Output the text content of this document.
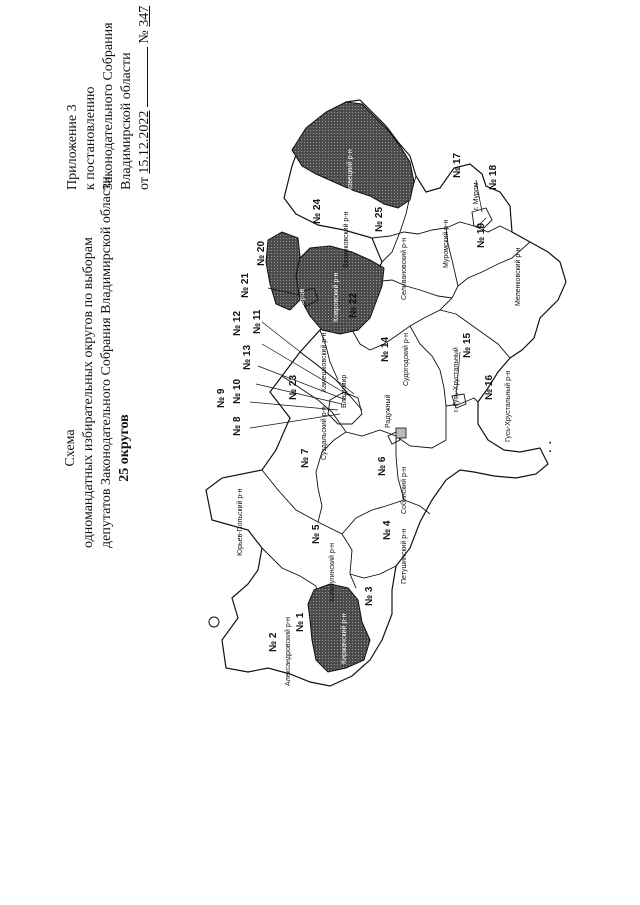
Схема одномандатных избирательных округов по выборам депутатов Законодательного Собрания Владимирской области 25 округов
Приложение 3 к постановлению Законодательного Собрания Владимирской области от 15.12.2022  № 347
⁚
№ 1
№ 2
№ 3
№ 4
№ 5
№ 6
№ 7
№ 8
№ 9 № 10
№ 11
№ 12
№ 13	№ 14	№ 15
№ 16
№ 17	№ 18
№ 19
№ 20
№ 21
№ 22
№ 23
№ 24	№ 25
Александровский р-н
Кольчугинский р-н
Юрьев-Польский р-н
Петушинский р-н
Собинский р-н
Суздальский р-н
Камешковский р-н
Ковровский р-н
Вязниковский р-н
Гороховецкий р-н
Селивановский р-н	Муромский р-н
Меленковский р-н
Судогодский р-н
Гусь-Хрустальный р-н
Владимир
Радужный
Ковров
г. Гусь-Хрустальный
г. Муром
Киржачский р-н
